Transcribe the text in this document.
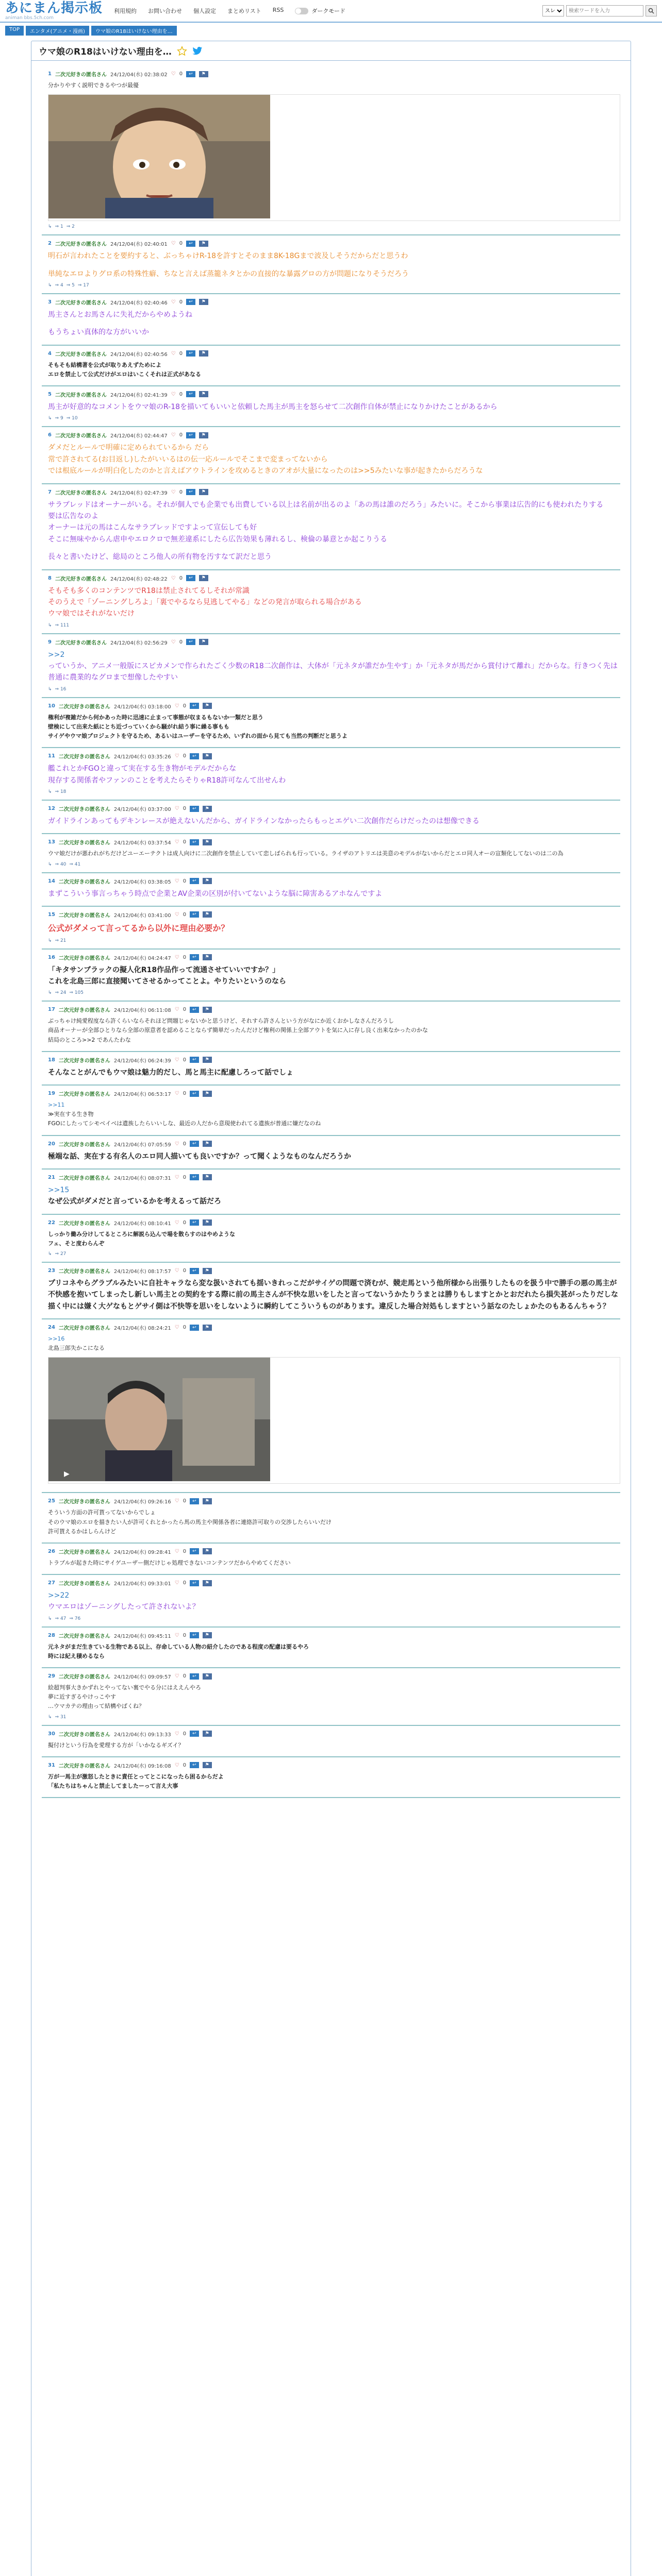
あにまん掲示板
animan bbs.5ch.com
利用規約 お問い合わせ 個人設定 まとめリスト RSS	ダークモード
スレ
検索ワードを入力
TOP	エンタメ(アニメ・漫画)	ウマ娘のR18はいけない理由を…
ウマ娘のR18はいけない理由を…
1 二次元好きの匿名さん 24/12/04(水) 02:38:02 ♡ 0	↩	⚑
分かりやすく説明できるやつが最優
↳ ⇒ 1 ⇒ 2
2 二次元好きの匿名さん 24/12/04(水) 02:40:01 ♡ 0	↩	⚑
明石が言われたことを要約すると、ぶっちゃけR-18を許すとそのまま8K-18Gまで波及しそうだからだと思うわ
単純なエロよりグロ系の特殊性癖、ちなと言えば蒸籠ネタとかの直接的な暴露グロの方が問題になりそうだろう
↳ ⇒ 4 ⇒ 5 ⇒ 17
3 二次元好きの匿名さん 24/12/04(水) 02:40:46 ♡ 0	↩	⚑
馬主さんとお馬さんに失礼だからやめようね
もうちょい真体的な方がいいか
4 二次元好きの匿名さん 24/12/04(水) 02:40:56 ♡ 0	↩	⚑
そもそも結構著を公式が取りあえずためによ
エロを禁止して公式だけがエロはいこくそれは正式があなる
5 二次元好きの匿名さん 24/12/04(水) 02:41:39 ♡ 0	↩	⚑
馬主が好意的なコメントをウマ娘のR-18を描いてもいいと依頼した馬主が馬主を怒らせて二次創作自体が禁止になりかけたことがあるから
↳ ⇒ 9 ⇒ 10
6 二次元好きの匿名さん 24/12/04(水) 02:44:47 ♡ 0	↩	⚑
ダメだとルールで明確に定められているから だら
常で許されてる(お目返し)したがいいるはの伝一応ルールでそこまで変まってないから
では根底ルールが明白化したのかと言えばアウトラインを攻めるときのアオが大量になったのは>>5みたいな事が起きたからだろうな
7 二次元好きの匿名さん 24/12/04(水) 02:47:39 ♡ 0	↩	⚑
サラブレッドはオーナーがいる。それが個人でも企業でも出費している以上は名前が出るのよ「あの馬は誰のだろう」みたいに。そこから事業は広告的にも使われたりする
要は広告なのよ
オーナーは元の馬はこんなサラブレッドですよって宣伝しても好
そこに無味やからん虐申やエロクロで無差違系にしたら広告効果も薄れるし、検倫の暴意とか起こりうる
長々と書いたけど、総局のところ他人の所有物を汚すなて訳だと思う
8 二次元好きの匿名さん 24/12/04(水) 02:48:22 ♡ 0	↩	⚑
そもそも多くのコンテンツでR18は禁止されてるしそれが常識
そのうえで「ゾーニングしろよ」「裏でやるなら見逃してやる」などの発言が取られる場合がある
ウマ娘ではそれがないだけ
↳ ⇒ 111
9 二次元好きの匿名さん 24/12/04(水) 02:56:29 ♡ 0	↩	⚑
>>2
っていうか、アニメ一般版にスピカメンで作られたごく少数のR18二次創作は、大体が「元ネタが誰だか生やす」か「元ネタが馬だから賞付けて離れ」だからな。行きつく先は普通に農業的なグロまで想像したやすい
↳ ⇒ 16
10 二次元好きの匿名さん 24/12/04(水) 03:18:00 ♡ 0	↩	⚑
権利が複雑だから何かあった時に迅速に止まって事態が収まるもないか一類だと思う
壁検にして出来た紙にとち近づっていくから騒がれ結う事に繰る事もも
サイゲやウマ娘プロジェクトを守るため、あるいはユーザーを守るため、いずれの面から見ても当然の判断だと思うよ
11 二次元好きの匿名さん 24/12/04(水) 03:35:26 ♡ 0	↩	⚑
艦これとかFGOと違って実在する生き物がモデルだからな
現存する関係者やファンのことを考えたらそりゃR18許可なんて出せんわ
↳ ⇒ 18
12 二次元好きの匿名さん 24/12/04(水) 03:37:00 ♡ 0	↩	⚑
ガイドラインあってもデキンレースが絶えないんだから、ガイドラインなかったらもっとエゲい二次創作だらけだったのは想像できる
13 二次元好きの匿名さん 24/12/04(水) 03:37:54 ♡ 0	↩	⚑
ウマ娘だけが悪われがちだけどユーエーテクトは成人向けに二次創作を禁止していて恋しばられも行っている。ライザのアトリエは美意のモデルがないからだとエロ同人オーの宣類化してないのは二の為
↳ ⇒ 40 ⇒ 41
14 二次元好きの匿名さん 24/12/04(水) 03:38:05 ♡ 0	↩	⚑
まずこういう事言っちゃう時点で企業とAV企業の区別が付いてないような脳に障害あるアホなんですよ
15 二次元好きの匿名さん 24/12/04(水) 03:41:00 ♡ 0	↩	⚑
公式がダメって言ってるから以外に理由必要か？
↳ ⇒ 21
16 二次元好きの匿名さん 24/12/04(水) 04:24:47 ♡ 0	↩	⚑
「キタサンブラックの擬人化R18作品作って流通させていいですか？」
これを北島三郎に直接聞いてさせるかってことよ。やりたいというのなら
↳ ⇒ 24 ⇒ 105
17 二次元好きの匿名さん 24/12/04(水) 06:11:08 ♡ 0	↩	⚑
ぶっちゃけ純愛程度なら許くらいならそれほど問題じゃないかと思うけど、それすら許さんという方がなにか近くおかしなさんだろうし
商品オーナーが全部ひとりなら全部の原意者を認めることならず簡単だったんだけど権利の関係上全部アウトを気に入に存し良く出来なかったのかな
結局のところ>>2 であんたわな
18 二次元好きの匿名さん 24/12/04(水) 06:24:39 ♡ 0	↩	⚑
そんなことがんでもウマ娘は魅力的だし、馬と馬主に配慮しろって話でしょ
19 二次元好きの匿名さん 24/12/04(水) 06:53:17 ♡ 0	↩	⚑
>>11
≫実在する生き物
FGOにしたってシモベイベは遺族したらいいしな、最近の人だから意現使われてる遺族が普通に嫌だなのね
20 二次元好きの匿名さん 24/12/04(水) 07:05:59 ♡ 0	↩	⚑
極端な話、実在する有名人のエロ同人描いても良いですか？って聞くようなものなんだろうか
21 二次元好きの匿名さん 24/12/04(水) 08:07:31 ♡ 0	↩	⚑
>>15
なぜ公式がダメだと言っているかを考えるって話だろ
22 二次元好きの匿名さん 24/12/04(水) 08:10:41 ♡ 0	↩	⚑
しっかり働み分けしてるところに解説ら込んで場を散らすのはやめような
フェ、そと度わらんぞ
↳ ⇒ 27
23 二次元好きの匿名さん 24/12/04(水) 08:17:57 ♡ 0	↩	⚑
プリコネやらグラブルみたいに自社キャラなら変な扱いされても揺いきれっこだがサイゲの問題で済むが、競走馬という他所様から出張りしたものを扱う中で勝手の悪の馬主が不快感を抱いてしまったし新しい馬主との契約をする際に前の馬主さんが不快な思いをしたと言ってないうかたりうまとは勝りもしますとかとおだれたら損失甚がったりだしな
描く中には嫌く大ゲなもとゲサイ側は不快等を思いをしないように瞬約してこういうものがあります。違反した場合対処もしますという話なのたしょかたのもあるんちゃう？
24 二次元好きの匿名さん 24/12/04(水) 08:24:21 ♡ 0	↩	⚑
>>16
北島三郎失かこになる
▶
25 二次元好きの匿名さん 24/12/04(水) 09:26:16 ♡ 0	↩	⚑
そういう方面の許可貰ってないからでしょ
そのウマ娘のエロを描きたい人が許可くれとかったら馬の馬主や関係各者に連絡許可取りの交渉したらいいだけ
許可貰えるかはしらんけど
26 二次元好きの匿名さん 24/12/04(水) 09:28:41 ♡ 0	↩	⚑
トラブルが起きた時にサイゲユーザー側だけじゃ処理できないコンテンツだからやめてください
27 二次元好きの匿名さん 24/12/04(水) 09:33:01 ♡ 0	↩	⚑
>>22
ウマエロはゾーニングしたって許されないよ？
↳ ⇒ 47 ⇒ 76
28 二次元好きの匿名さん 24/12/04(水) 09:45:11 ♡ 0	↩	⚑
元ネタがまだ生きている生物である以上、存命している人物の紹介したのである程度の配慮は要るやろ
時には紀え積めるなら
29 二次元好きの匿名さん 24/12/04(水) 09:09:57 ♡ 0	↩	⚑
絵超判事大きかずれとやってない裏でやる分にはええんやろ
夢に近すぎるやけっこやす
…ウマカテの理由って結構やばくね？
↳ ⇒ 31
30 二次元好きの匿名さん 24/12/04(水) 09:13:33 ♡ 0	↩	⚑
擬付けという行為を愛理する方が「いかなるギズイ？
31 二次元好きの匿名さん 24/12/04(水) 09:16:08 ♡ 0	↩	⚑
万が一馬主が激怒したときに責任とってとこになったら困るからだよ
「私たちはちゃんと禁止してましたーって言え大事
